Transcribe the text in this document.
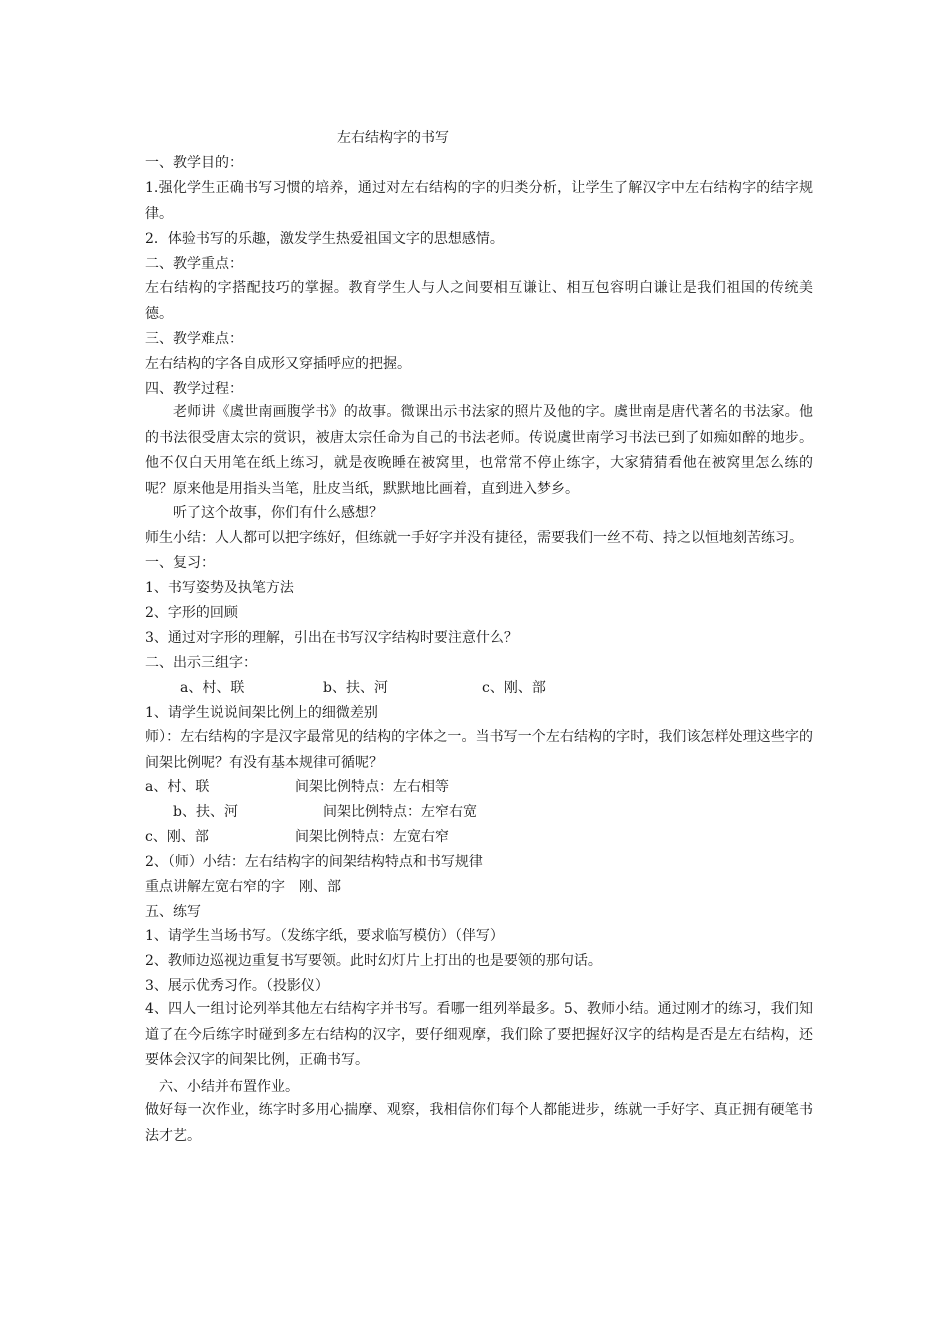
左右结构字的书写
一、教学目的：
1.强化学生正确书写习惯的培养，通过对左右结构的字的归类分析，让学生了解汉字中左右结构字的结字规律。
2．体验书写的乐趣，激发学生热爱祖国文字的思想感情。
二、教学重点：
左右结构的字搭配技巧的掌握。教育学生人与人之间要相互谦让、相互包容明白谦让是我们祖国的传统美德。
三、教学难点：
左右结构的字各自成形又穿插呼应的把握。
四、教学过程：
老师讲《虞世南画腹学书》的故事。微课出示书法家的照片及他的字。虞世南是唐代著名的书法家。他的书法很受唐太宗的赏识，被唐太宗任命为自己的书法老师。传说虞世南学习书法已到了如痴如醉的地步。他不仅白天用笔在纸上练习，就是夜晚睡在被窝里，也常常不停止练字，大家猜猜看他在被窝里怎么练的呢？原来他是用指头当笔，肚皮当纸，默默地比画着，直到进入梦乡。
听了这个故事，你们有什么感想？
师生小结：人人都可以把字练好，但练就一手好字并没有捷径，需要我们一丝不苟、持之以恒地刻苦练习。
一、复习：
1、书写姿势及执笔方法
2、字形的回顾
3、通过对字形的理解，引出在书写汉字结构时要注意什么？
二、出示三组字：
a、村、联	b、扶、河	c、刚、部
1、请学生说说间架比例上的细微差别
师）：左右结构的字是汉字最常见的结构的字体之一。当书写一个左右结构的字时，我们该怎样处理这些字的间架比例呢？有没有基本规律可循呢？
a、村、联	间架比例特点：左右相等
b、扶、河	间架比例特点：左窄右宽
c、刚、部	间架比例特点：左宽右窄
2、（师）小结：左右结构字的间架结构特点和书写规律
重点讲解左宽右窄的字　刚、部
五、练写
1、请学生当场书写。（发练字纸，要求临写模仿）（伴写）
2、教师边巡视边重复书写要领。此时幻灯片上打出的也是要领的那句话。
3、展示优秀习作。（投影仪）
4、四人一组讨论列举其他左右结构字并书写。看哪一组列举最多。5、教师小结。通过刚才的练习，我们知道了在今后练字时碰到多左右结构的汉字，要仔细观摩，我们除了要把握好汉字的结构是否是左右结构，还要体会汉字的间架比例，正确书写。
六、小结并布置作业。
做好每一次作业，练字时多用心揣摩、观察，我相信你们每个人都能进步，练就一手好字、真正拥有硬笔书法才艺。
